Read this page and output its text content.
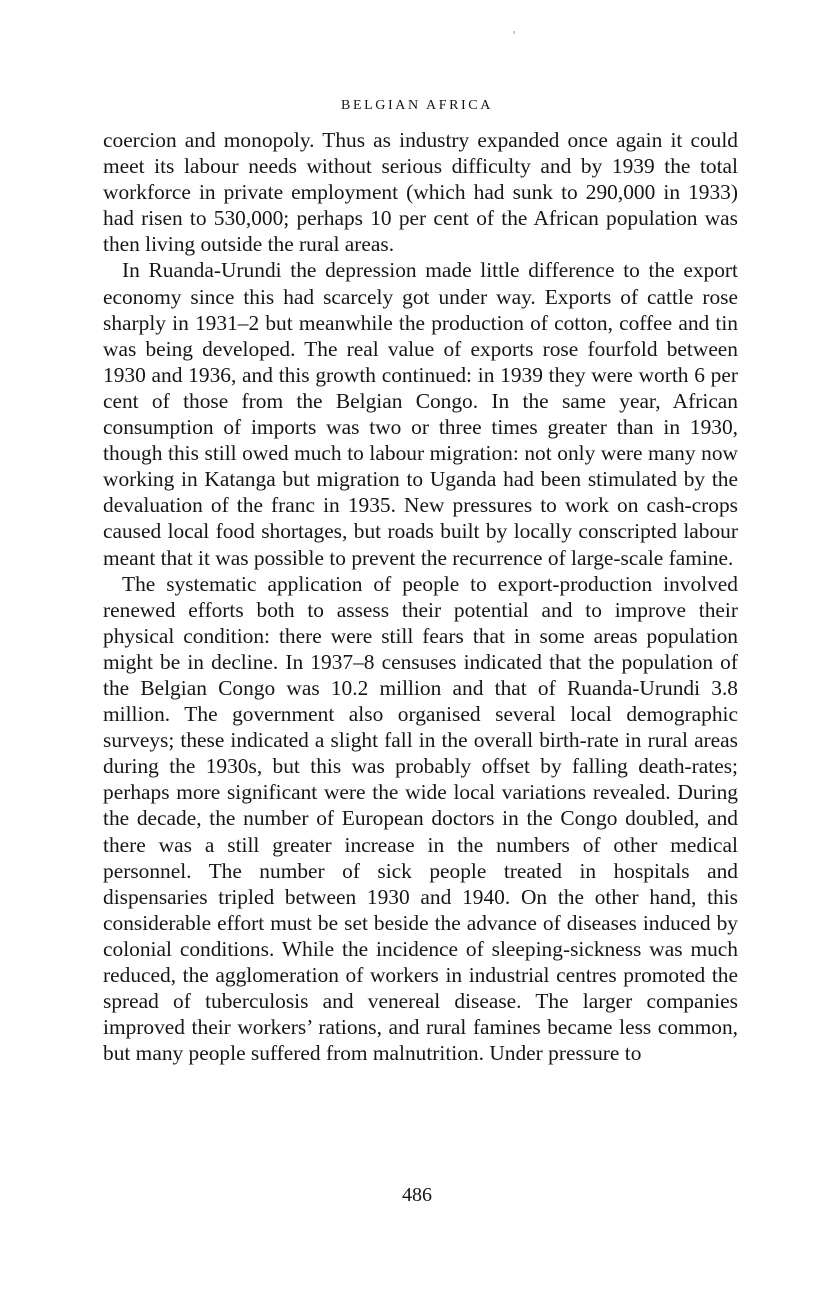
BELGIAN AFRICA

coercion and monopoly. Thus as industry expanded once again it could meet its labour needs without serious difficulty and by 1939 the total workforce in private employment (which had sunk to 290,000 in 1933) had risen to 530,000; perhaps 10 per cent of the African population was then living outside the rural areas.

In Ruanda-Urundi the depression made little difference to the export economy since this had scarcely got under way. Exports of cattle rose sharply in 1931–2 but meanwhile the production of cotton, coffee and tin was being developed. The real value of exports rose fourfold between 1930 and 1936, and this growth continued: in 1939 they were worth 6 per cent of those from the Belgian Congo. In the same year, African consumption of imports was two or three times greater than in 1930, though this still owed much to labour migration: not only were many now working in Katanga but migration to Uganda had been stimulated by the devaluation of the franc in 1935. New pressures to work on cash-crops caused local food shortages, but roads built by locally conscripted labour meant that it was possible to prevent the recurrence of large-scale famine.

The systematic application of people to export-production involved renewed efforts both to assess their potential and to improve their physical condition: there were still fears that in some areas population might be in decline. In 1937–8 censuses indicated that the population of the Belgian Congo was 10.2 million and that of Ruanda-Urundi 3.8 million. The government also organised several local demographic surveys; these indicated a slight fall in the overall birth-rate in rural areas during the 1930s, but this was probably offset by falling death-rates; perhaps more significant were the wide local variations revealed. During the decade, the number of European doctors in the Congo doubled, and there was a still greater increase in the numbers of other medical personnel. The number of sick people treated in hospitals and dispensaries tripled between 1930 and 1940. On the other hand, this considerable effort must be set beside the advance of diseases induced by colonial conditions. While the incidence of sleeping-sickness was much reduced, the agglomeration of workers in industrial centres promoted the spread of tuberculosis and venereal disease. The larger companies improved their workers’ rations, and rural famines became less common, but many people suffered from malnutrition. Under pressure to

486
